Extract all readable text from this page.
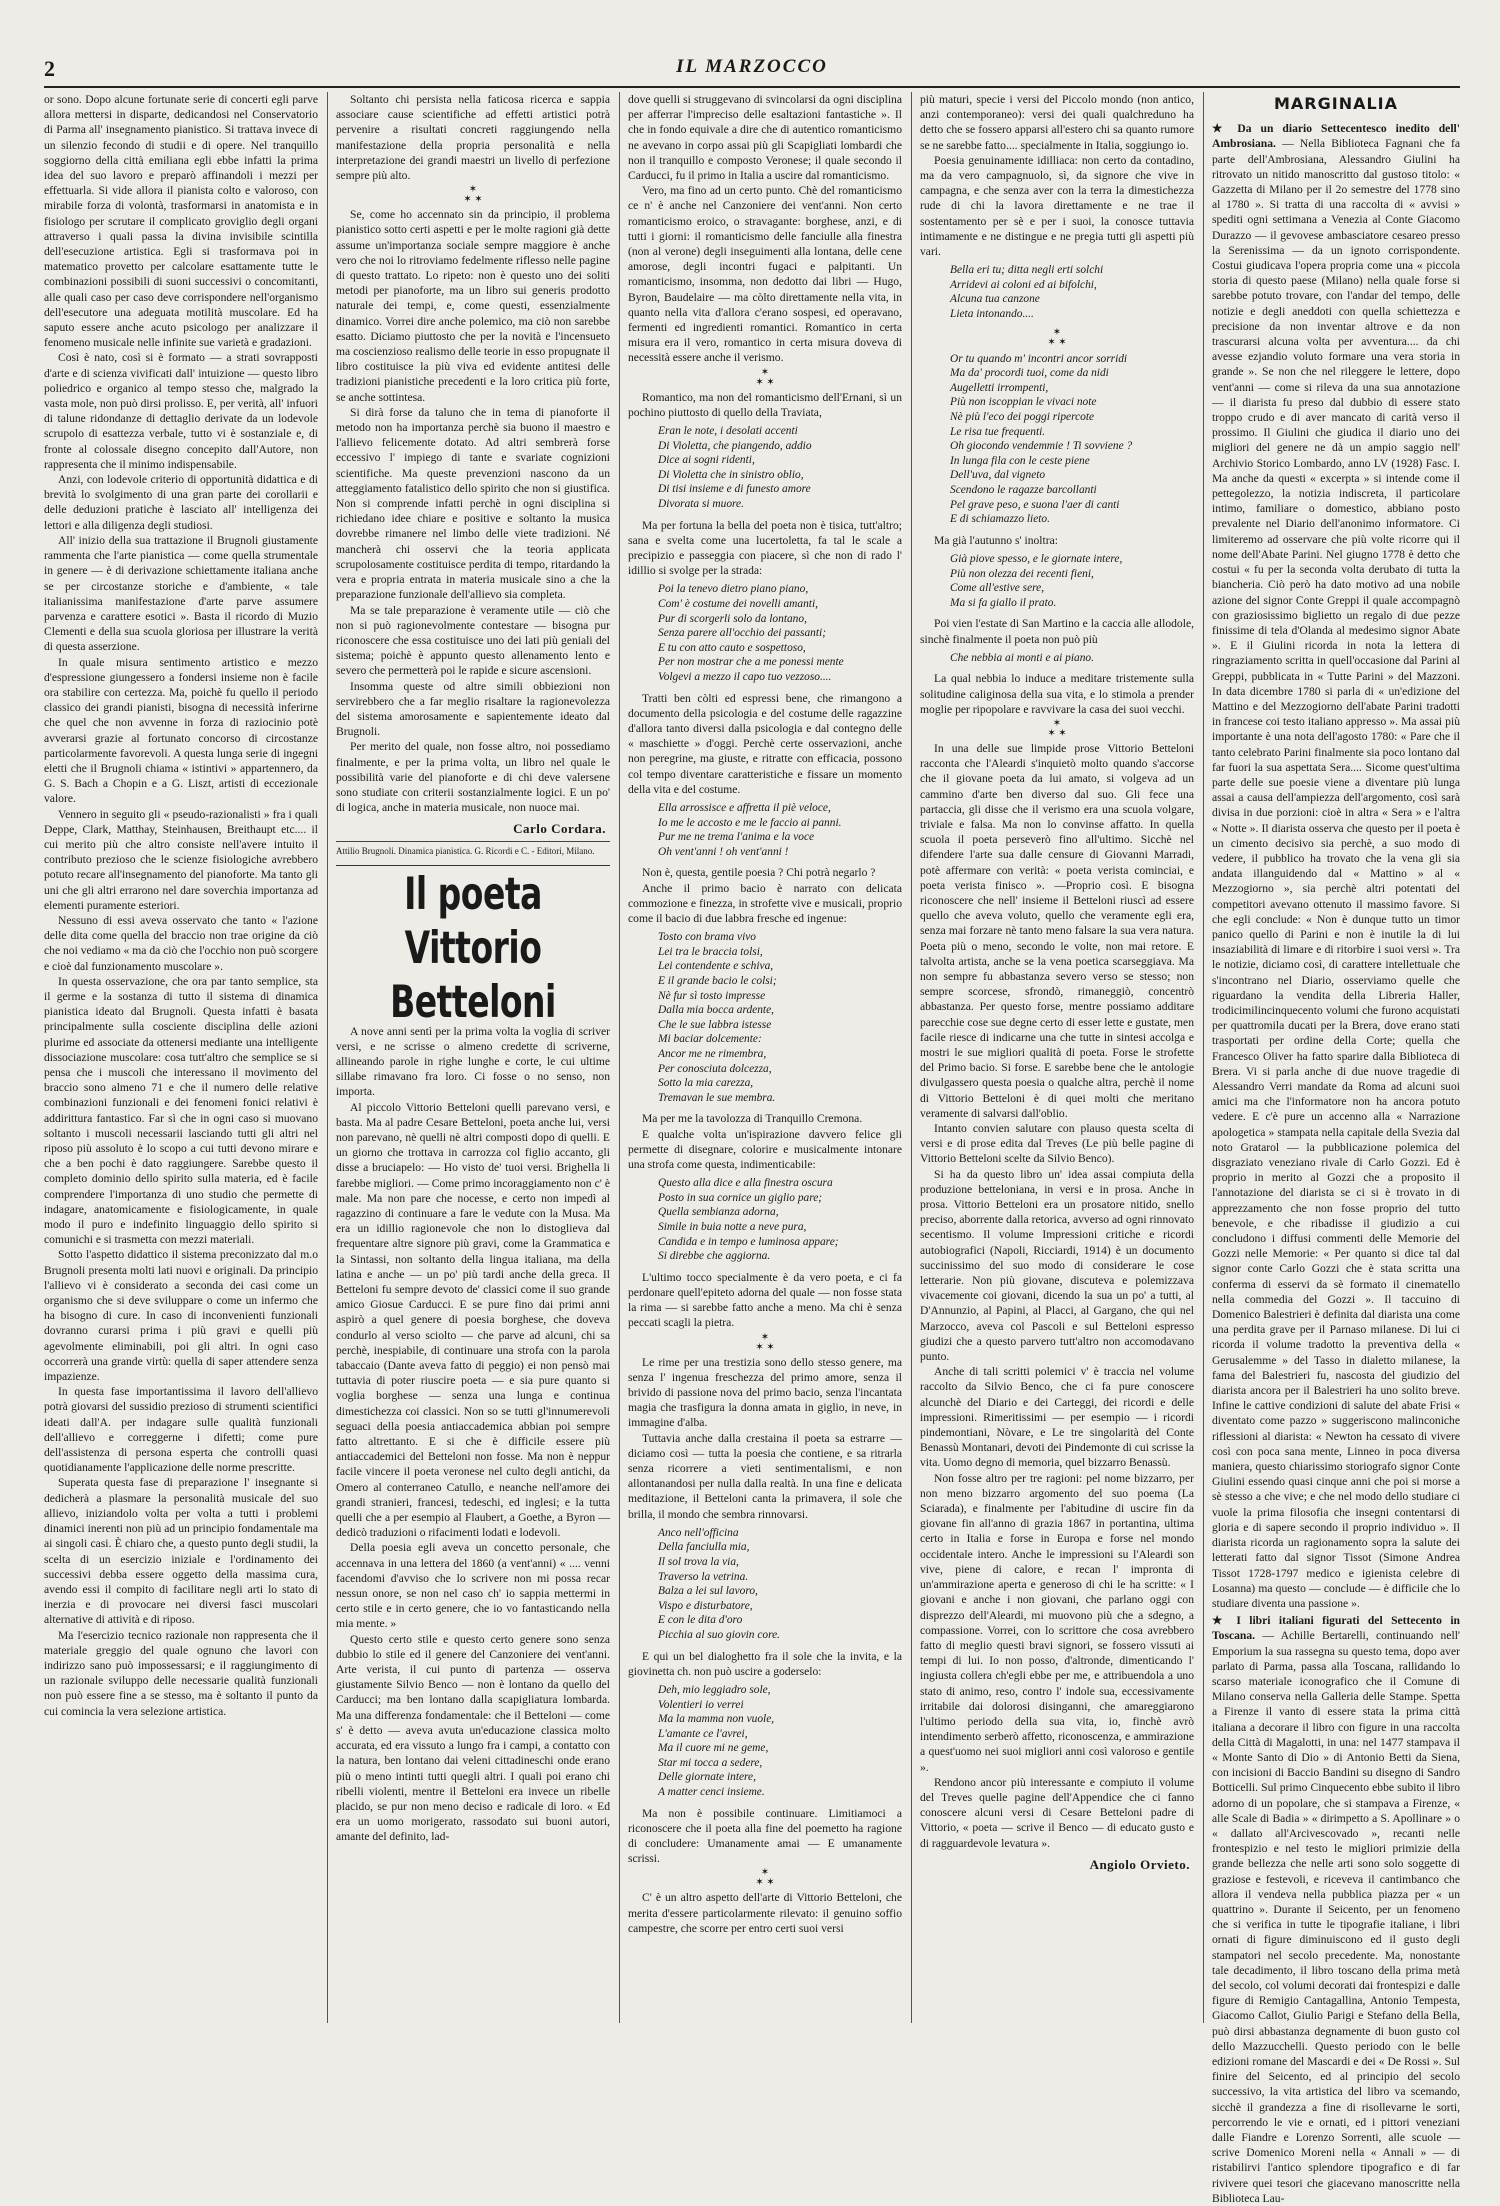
2	IL MARZOCCO

or sono. Dopo alcune fortunate serie di concerti egli parve allora mettersi in disparte, dedicandosi nel Conservatorio di Parma all' insegnamento pianistico. Si trattava invece di un silenzio fecondo di studii e di opere. Nel tranquillo soggiorno della città emiliana egli ebbe infatti la prima idea del suo lavoro e preparò affinandoli i mezzi per effettuarla. Si vide allora il pianista colto e valoroso, con mirabile forza di volontà, trasformarsi in anatomista e in fisiologo per scrutare il complicato groviglio degli organi attraverso i quali passa la divina invisibile scintilla dell'esecuzione artistica. Egli si trasformava poi in matematico provetto per calcolare esattamente tutte le combinazioni possibili di suoni successivi o concomitanti, alle quali caso per caso deve corrispondere nell'organismo dell'esecutore una adeguata motilità muscolare. Ed ha saputo essere anche acuto psicologo per analizzare il fenomeno musicale nelle infinite sue varietà e gradazioni.

Così è nato, così si è formato — a strati sovrapposti d'arte e di scienza vivificati dall' intuizione — questo libro poliedrico e organico al tempo stesso che, malgrado la vasta mole, non può dirsi prolisso. E, per verità, all' infuori di talune ridondanze di dettaglio derivate da un lodevole scrupolo di esattezza verbale, tutto vi è sostanziale e, di fronte al colossale disegno concepito dall'Autore, non rappresenta che il minimo indispensabile.

Anzi, con lodevole criterio di opportunità didattica e di brevità lo svolgimento di una gran parte dei corollarii e delle deduzioni pratiche è lasciato all' intelligenza dei lettori e alla diligenza degli studiosi.

All' inizio della sua trattazione il Brugnoli giustamente rammenta che l'arte pianistica — come quella strumentale in genere — è di derivazione schiettamente italiana anche se per circostanze storiche e d'ambiente, « tale italianissima manifestazione d'arte parve assumere parvenza e carattere esotici ». Basta il ricordo di Muzio Clementi e della sua scuola gloriosa per illustrare la verità di questa asserzione.

In quale misura sentimento artistico e mezzo d'espressione giungessero a fondersi insieme non è facile ora stabilire con certezza. Ma, poichè fu quello il periodo classico dei grandi pianisti, bisogna di necessità inferirne che quel che non avvenne in forza di raziocinio potè avverarsi grazie al fortunato concorso di circostanze particolarmente favorevoli. A questa lunga serie di ingegni eletti che il Brugnoli chiama « istintivi » appartennero, da G. S. Bach a Chopin e a G. Liszt, artisti di eccezionale valore.

Vennero in seguito gli « pseudo-razionalisti » fra i quali Deppe, Clark, Matthay, Steinhausen, Breithaupt etc.... il cui merito più che altro consiste nell'avere intuito il contributo prezioso che le scienze fisiologiche avrebbero potuto recare all'insegnamento del pianoforte. Ma tanto gli uni che gli altri errarono nel dare soverchia importanza ad elementi puramente esteriori.

Nessuno di essi aveva osservato che tanto « l'azione delle dita come quella del braccio non trae origine da ciò che noi vediamo « ma da ciò che l'occhio non può scorgere e cioè dal funzionamento muscolare ».

In questa osservazione, che ora par tanto semplice, sta il germe e la sostanza di tutto il sistema di dinamica pianistica ideato dal Brugnoli. Questa infatti è basata principalmente sulla cosciente disciplina delle azioni plurime ed associate da ottenersi mediante una intelligente dissociazione muscolare: cosa tutt'altro che semplice se si pensa che i muscoli che interessano il movimento del braccio sono almeno 71 e che il numero delle relative combinazioni funzionali e dei fenomeni fonici relativi è addirittura fantastico. Far sì che in ogni caso si muovano soltanto i muscoli necessarii lasciando tutti gli altri nel riposo più assoluto è lo scopo a cui tutti devono mirare e che a ben pochi è dato raggiungere. Sarebbe questo il completo dominio dello spirito sulla materia, ed è facile comprendere l'importanza di uno studio che permette di indagare, anatomicamente e fisiologicamente, in quale modo il puro e indefinito linguaggio dello spirito si comunichi e si trasmetta con mezzi materiali.

Sotto l'aspetto didattico il sistema preconizzato dal m.o Brugnoli presenta molti lati nuovi e originali. Da principio l'allievo vi è considerato a seconda dei casi come un organismo che si deve sviluppare o come un infermo che ha bisogno di cure. In caso di inconvenienti funzionali dovranno curarsi prima i più gravi e quelli più agevolmente eliminabili, poi gli altri. In ogni caso occorrerà una grande virtù: quella di saper attendere senza impazienze.

In questa fase importantissima il lavoro dell'allievo potrà giovarsi del sussidio prezioso di strumenti scientifici ideati dall'A. per indagare sulle qualità funzionali dell'allievo e correggerne i difetti; come pure dell'assistenza di persona esperta che controlli quasi quotidianamente l'applicazione delle norme prescritte.

Superata questa fase di preparazione l' insegnante si dedicherà a plasmare la personalità musicale del suo allievo, iniziandolo volta per volta a tutti i problemi dinamici inerenti non più ad un principio fondamentale ma ai singoli casi. È chiaro che, a questo punto degli studii, la scelta di un esercizio iniziale e l'ordinamento dei successivi debba essere oggetto della massima cura, avendo essi il compito di facilitare negli arti lo stato di inerzia e di provocare nei diversi fasci muscolari alternative di attività e di riposo.

Ma l'esercizio tecnico razionale non rappresenta che il materiale greggio del quale ognuno che lavori con indirizzo sano può impossessarsi; e il raggiungimento di un razionale sviluppo delle necessarie qualità funzionali non può essere fine a se stesso, ma è soltanto il punto da cui comincia la vera selezione artistica.

Soltanto chi persista nella faticosa ricerca e sappia associare cause scientifiche ad effetti artistici potrà pervenire a risultati concreti raggiungendo nella manifestazione della propria personalità e nella interpretazione dei grandi maestri un livello di perfezione sempre più alto.

✶
✶ ✶

Se, come ho accennato sin da principio, il problema pianistico sotto certi aspetti e per le molte ragioni già dette assume un'importanza sociale sempre maggiore è anche vero che noi lo ritroviamo fedelmente riflesso nelle pagine di questo trattato. Lo ripeto: non è questo uno dei soliti metodi per pianoforte, ma un libro sui generis prodotto naturale dei tempi, e, come questi, essenzialmente dinamico. Vorrei dire anche polemico, ma ciò non sarebbe esatto. Diciamo piuttosto che per la novità e l'incensueto ma coscienzioso realismo delle teorie in esso propugnate il libro costituisce la più viva ed evidente antitesi delle tradizioni pianistiche precedenti e la loro critica più forte, se anche sottintesa.

Si dirà forse da taluno che in tema di pianoforte il metodo non ha importanza perchè sia buono il maestro e l'allievo felicemente dotato. Ad altri sembrerà forse eccessivo l' impiego di tante e svariate cognizioni scientifiche. Ma queste prevenzioni nascono da un atteggiamento fatalistico dello spirito che non si giustifica. Non si comprende infatti perchè in ogni disciplina si richiedano idee chiare e positive e soltanto la musica dovrebbe rimanere nel limbo delle viete tradizioni. Né mancherà chi osservi che la teoria applicata scrupolosamente costituisce perdita di tempo, ritardando la vera e propria entrata in materia musicale sino a che la preparazione funzionale dell'allievo sia completa.

Ma se tale preparazione è veramente utile — ciò che non si può ragionevolmente contestare — bisogna pur riconoscere che essa costituisce uno dei lati più geniali del sistema; poichè è appunto questo allenamento lento e severo che permetterà poi le rapide e sicure ascensioni.

Insomma queste od altre simili obbiezioni non servirebbero che a far meglio risaltare la ragionevolezza del sistema amorosamente e sapientemente ideato dal Brugnoli.

Per merito del quale, non fosse altro, noi possediamo finalmente, e per la prima volta, un libro nel quale le possibilità varie del pianoforte e di chi deve valersene sono studiate con criterii sostanzialmente logici. E un po' di logica, anche in materia musicale, non nuoce mai.

Carlo Cordara.
Attilio Brugnoli. Dinamica pianistica. G. Ricordi e C. - Editori, Milano.
Il poeta Vittorio Betteloni

A nove anni sentì per la prima volta la voglia di scriver versi, e ne scrisse o almeno credette di scriverne, allineando parole in righe lunghe e corte, le cui ultime sillabe rimavano fra loro. Ci fosse o no senso, non importa.

Al piccolo Vittorio Betteloni quelli parevano versi, e basta. Ma al padre Cesare Betteloni, poeta anche lui, versi non parevano, nè quelli nè altri composti dopo di quelli. E un giorno che trottava in carrozza col figlio accanto, gli disse a bruciapelo: — Ho visto de' tuoi versi. Brighella li farebbe migliori. — Come primo incoraggiamento non c' è male. Ma non pare che nocesse, e certo non impedì al ragazzino di continuare a fare le vedute con la Musa. Ma era un idillio ragionevole che non lo distoglieva dal frequentare altre signore più gravi, come la Grammatica e la Sintassi, non soltanto della lingua italiana, ma della latina e anche — un po' più tardi anche della greca. Il Betteloni fu sempre devoto de' classici come il suo grande amico Giosue Carducci. E se pure fino dai primi anni aspirò a quel genere di poesia borghese, che doveva condurlo al verso sciolto — che parve ad alcuni, chi sa perchè, inespiabile, di continuare una strofa con la parola tabaccaio (Dante aveva fatto di peggio) ei non pensò mai tuttavia di poter riuscire poeta — e sia pure quanto si voglia borghese — senza una lunga e continua dimestichezza coi classici. Non so se tutti gl'innumerevoli seguaci della poesia antiaccademica abbian poi sempre fatto altrettanto. E si che è difficile essere più antiaccademici del Betteloni non fosse. Ma non è neppur facile vincere il poeta veronese nel culto degli antichi, da Omero al conterraneo Catullo, e neanche nell'amore dei grandi stranieri, francesi, tedeschi, ed inglesi; e la tutta quelli che a per esempio al Flaubert, a Goethe, a Byron — dedicò traduzioni o rifacimenti lodati e lodevoli.

Della poesia egli aveva un concetto personale, che accennava in una lettera del 1860 (a vent'anni) « .... venni facendomi d'avviso che lo scrivere non mi possa recar nessun onore, se non nel caso ch' io sappia mettermi in certo stile e in certo genere, che io vo fantasticando nella mia mente. »

Questo certo stile e questo certo genere sono senza dubbio lo stile ed il genere del Canzoniere dei vent'anni. Arte verista, il cui punto di partenza — osserva giustamente Silvio Benco — non è lontano da quello del Carducci; ma ben lontano dalla scapigliatura lombarda. Ma una differenza fondamentale: che il Betteloni — come s' è detto — aveva avuta un'educazione classica molto accurata, ed era vissuto a lungo fra i campi, a contatto con la natura, ben lontano dai veleni cittadineschi onde erano più o meno intinti tutti quegli altri. I quali poi erano chi ribelli violenti, mentre il Betteloni era invece un ribelle placido, se pur non meno deciso e radicale di loro. « Ed era un uomo morigerato, rassodato sui buoni autori, amante del definito, lad-

dove quelli si struggevano di svincolarsi da ogni disciplina per afferrar l'impreciso delle esaltazioni fantastiche ». Il che in fondo equivale a dire che di autentico romanticismo ne avevano in corpo assai più gli Scapigliati lombardi che non il tranquillo e composto Veronese; il quale secondo il Carducci, fu il primo in Italia a uscire dal romanticismo.

Vero, ma fino ad un certo punto. Chè del romanticismo ce n' è anche nel Canzoniere dei vent'anni. Non certo romanticismo eroico, o stravagante: borghese, anzi, e di tutti i giorni: il romanticismo delle fanciulle alla finestra (non al verone) degli inseguimenti alla lontana, delle cene amorose, degli incontri fugaci e palpitanti. Un romanticismo, insomma, non dedotto dai libri — Hugo, Byron, Baudelaire — ma còlto direttamente nella vita, in quanto nella vita d'allora c'erano sospesi, ed operavano, fermenti ed ingredienti romantici. Romantico in certa misura era il vero, romantico in certa misura doveva di necessità essere anche il verismo.

✶
✶ ✶

Romantico, ma non del romanticismo dell'Ernani, sì un pochino piuttosto di quello della Traviata,

Eran le note, i desolati accenti
Di Violetta, che piangendo, addio
Dice ai sogni ridenti,
Di Violetta che in sinistro oblio,
Di tisi insieme e di funesto amore
Divorata si muore.

Ma per fortuna la bella del poeta non è tisica, tutt'altro; sana e svelta come una lucertoletta, fa tal le scale a precipizio e passeggia con piacere, sì che non di rado l' idillio si svolge per la strada:

Poi la tenevo dietro piano piano,
Com' è costume dei novelli amanti,
Pur di scorgerli solo da lontano,
Senza parere all'occhio dei passanti;
E tu con atto cauto e sospettoso,
Per non mostrar che a me ponessi mente
Volgevi a mezzo il capo tuo vezzoso....

Tratti ben còlti ed espressi bene, che rimangono a documento della psicologia e del costume delle ragazzine d'allora tanto diversi dalla psicologia e dal contegno delle « maschiette » d'oggi. Perchè certe osservazioni, anche non peregrine, ma giuste, e ritratte con efficacia, possono col tempo diventare caratteristiche e fissare un momento della vita e del costume.

Ella arrossisce e affretta il piè veloce,
Io me le accosto e me le faccio ai panni.
Pur me ne trema l'anima e la voce
Oh vent'anni ! oh vent'anni !

Non è, questa, gentile poesia ? Chi potrà negarlo ?

Anche il primo bacio è narrato con delicata commozione e finezza, in strofette vive e musicali, proprio come il bacio di due labbra fresche ed ingenue:

Tosto con brama vivo
Lei tra le braccia tolsi,
Lei contendente e schiva,
E il grande bacio le colsi;
Nè fur sì tosto impresse
Dalla mia bocca ardente,
Che le sue labbra istesse
Mi baciar dolcemente:
Ancor me ne rimembra,
Per conosciuta dolcezza,
Sotto la mia carezza,
Tremavan le sue membra.

Ma per me la tavolozza di Tranquillo Cremona.

E qualche volta un'ispirazione davvero felice gli permette di disegnare, colorire e musicalmente intonare una strofa come questa, indimenticabile:

Questo alla dice e alla finestra oscura
Posto in sua cornice un giglio pare;
Quella sembianza adorna,
Simile in buia notte a neve pura,
Candida e in tempo e luminosa appare;
Si direbbe che aggiorna.

L'ultimo tocco specialmente è da vero poeta, e ci fa perdonare quell'epiteto adorna del quale — non fosse stata la rima — si sarebbe fatto anche a meno. Ma chi è senza peccati scagli la pietra.

✶
✶ ✶

Le rime per una trestizia sono dello stesso genere, ma senza l' ingenua freschezza del primo amore, senza il brivido di passione nova del primo bacio, senza l'incantata magia che trasfigura la donna amata in giglio, in neve, in immagine d'alba.

Tuttavia anche dalla crestaina il poeta sa estrarre — diciamo così — tutta la poesia che contiene, e sa ritrarla senza ricorrere a vieti sentimentalismi, e non allontanandosi per nulla dalla realtà. In una fine e delicata meditazione, il Betteloni canta la primavera, il sole che brilla, il mondo che sembra rinnovarsi.

Anco nell'officina
Della fanciulla mia,
Il sol trova la via,
Traverso la vetrina.
Balza a lei sul lavoro,
Vispo e disturbatore,
E con le dita d'oro
Picchia al suo giovin core.

E qui un bel dialoghetto fra il sole che la invita, e la giovinetta ch. non può uscire a goderselo:

Deh, mio leggiadro sole,
Volentieri io verrei
Ma la mamma non vuole,
L'amante ce l'avrei,
Ma il cuore mi ne geme,
Star mi tocca a sedere,
Delle giornate intere,
A matter cenci insieme.

Ma non è possibile continuare. Limitiamoci a riconoscere che il poeta alla fine del poemetto ha ragione di concludere: Umanamente amai — E umanamente scrissi.

✶
✶ ✶

C' è un altro aspetto dell'arte di Vittorio Betteloni, che merita d'essere particolarmente rilevato: il genuino soffio campestre, che scorre per entro certi suoi versi

più maturi, specie i versi del Piccolo mondo (non antico, anzi contemporaneo): versi dei quali qualchreduno ha detto che se fossero apparsi all'estero chi sa quanto rumore se ne sarebbe fatto.... specialmente in Italia, soggiungo io.

Poesia genuinamente idilliaca: non certo da contadino, ma da vero campagnuolo, sì, da signore che vive in campagna, e che senza aver con la terra la dimestichezza rude di chi la lavora direttamente e ne trae il sostentamento per sè e per i suoi, la conosce tuttavia intimamente e ne distingue e ne pregia tutti gli aspetti più vari.

Bella eri tu; ditta negli erti solchi
Arridevi ai coloni ed ai bifolchi,
Alcuna tua canzone
Lieta intonando....
✶
✶ ✶
Or tu quando m' incontri ancor sorridi
Ma da' procordi tuoi, come da nidi
Augelletti irrompenti,
Più non iscoppian le vivaci note
Nè più l'eco dei poggi ripercote
Le risa tue frequenti.
Oh giocondo vendemmie ! Ti sovviene ?
In lunga fila con le ceste piene
Dell'uva, dal vigneto
Scendono le ragazze barcollanti
Pel grave peso, e suona l'aer di canti
E di schiamazzo lieto.

Ma già l'autunno s' inoltra:

Già piove spesso, e le giornate intere,
Più non olezza dei recenti fieni,
Come all'estive sere,
Ma si fa giallo il prato.

Poi vien l'estate di San Martino e la caccia alle allodole, sinchè finalmente il poeta non può più

Che nebbia ai monti e ai piano.

La qual nebbia lo induce a meditare tristemente sulla solitudine caliginosa della sua vita, e lo stimola a prender moglie per ripopolare e ravvivare la casa dei suoi vecchi.

✶
✶ ✶

In una delle sue limpide prose Vittorio Betteloni racconta che l'Aleardi s'inquietò molto quando s'accorse che il giovane poeta da lui amato, si volgeva ad un cammino d'arte ben diverso dal suo. Gli fece una partaccia, gli disse che il verismo era una scuola volgare, triviale e falsa. Ma non lo convinse affatto. In quella scuola il poeta perseverò fino all'ultimo. Sicchè nel difendere l'arte sua dalle censure di Giovanni Marradi, potè affermare con verità: « poeta verista cominciai, e poeta verista finisco ». —Proprio così. E bisogna riconoscere che nell' insieme il Betteloni riuscì ad essere quello che aveva voluto, quello che veramente egli era, senza mai forzare nè tanto meno falsare la sua vera natura. Poeta più o meno, secondo le volte, non mai retore. E talvolta artista, anche se la vena poetica scarseggiava. Ma non sempre fu abbastanza severo verso se stesso; non sempre scorcese, sfrondò, rimaneggiò, concentrò abbastanza. Per questo forse, mentre possiamo additare parecchie cose sue degne certo di esser lette e gustate, men facile riesce di indicarne una che tutte in sintesi accolga e mostri le sue migliori qualità di poeta. Forse le strofette del Primo bacio. Si forse. E sarebbe bene che le antologie divulgassero questa poesia o qualche altra, perchè il nome di Vittorio Betteloni è di quei molti che meritano veramente di salvarsi dall'oblio.

Intanto convien salutare con plauso questa scelta di versi e di prose edita dal Treves (Le più belle pagine di Vittorio Betteloni scelte da Silvio Benco).

Si ha da questo libro un' idea assai compiuta della produzione betteloniana, in versi e in prosa. Anche in prosa. Vittorio Betteloni era un prosatore nitido, snello preciso, aborrente dalla retorica, avverso ad ogni rinnovato secentismo. Il volume Impressioni critiche e ricordi autobiografici (Napoli, Ricciardi, 1914) è un documento succinissimo del suo modo di considerare le cose letterarie. Non più giovane, discuteva e polemizzava vivacemente coi giovani, dicendo la sua un po' a tutti, al D'Annunzio, al Papini, al Placci, al Gargano, che qui nel Marzocco, aveva col Pascoli e sul Betteloni espresso giudizi che a questo parvero tutt'altro non accomodavano punto.

Anche di tali scritti polemici v' è traccia nel volume raccolto da Silvio Benco, che ci fa pure conoscere alcunchè del Diario e dei Carteggi, dei ricordi e delle impressioni. Rimeritissimi — per esempio — i ricordi pindemontiani, Nòvare, e Le tre singolarità del Conte Benassù Montanari, devoti dei Pindemonte di cui scrisse la vita. Uomo degno di memoria, quel bizzarro Benassù.

Non fosse altro per tre ragioni: pel nome bizzarro, per non meno bizzarro argomento del suo poema (La Sciarada), e finalmente per l'abitudine di uscire fin da giovane fin all'anno di grazia 1867 in portantina, ultima certo in Italia e forse in Europa e forse nel mondo occidentale intero. Anche le impressioni su l'Aleardi son vive, piene di calore, e recan l' impronta di un'ammirazione aperta e generoso di chi le ha scritte: « I giovani e anche i non giovani, che parlano oggi con disprezzo dell'Aleardi, mi muovono più che a sdegno, a compassione. Vorrei, con lo scrittore che cosa avrebbero fatto di meglio questi bravi signori, se fossero vissuti ai tempi di lui. Io non posso, d'altronde, dimenticando l' ingiusta collera ch'egli ebbe per me, e attribuendola a uno stato di animo, reso, contro l' indole sua, eccessivamente irritabile dai dolorosi disinganni, che amareggiarono l'ultimo periodo della sua vita, io, finchè avrò intendimento serberò affetto, riconoscenza, e ammirazione a quest'uomo nei suoi migliori anni così valoroso e gentile ».

Rendono ancor più interessante e compiuto il volume del Treves quelle pagine dell'Appendice che ci fanno conoscere alcuni versi di Cesare Betteloni padre di Vittorio, « poeta — scrive il Benco — di educato gusto e di ragguardevole levatura ».

Angiolo Orvieto.
MARGINALIA

★ Da un diario Settecentesco inedito dell' Ambrosiana. — Nella Biblioteca Fagnani che fa parte dell'Ambrosiana, Alessandro Giulini ha ritrovato un nitido manoscritto dal gustoso titolo: « Gazzetta di Milano per il 2o semestre del 1778 sino al 1780 ». Si tratta di una raccolta di « avvisi » spediti ogni settimana a Venezia al Conte Giacomo Durazzo — il gevovese ambasciatore cesareo presso la Serenissima — da un ignoto corrispondente. Costui giudicava l'opera propria come una « piccola storia di questo paese (Milano) nella quale forse si sarebbe potuto trovare, con l'andar del tempo, delle notizie e degli aneddoti con quella schiettezza e precisione da non inventar altrove e da non trascurarsi alcuna volta per avventura.... da chi avesse ezjandio voluto formare una vera storia in grande ». Se non che nel rileggere le lettere, dopo vent'anni — come si rileva da una sua annotazione — il diarista fu preso dal dubbio di essere stato troppo crudo e di aver mancato di carità verso il prossimo. Il Giulini che giudica il diario uno dei migliori del genere ne dà un ampio saggio nell' Archivio Storico Lombardo, anno LV (1928) Fasc. I. Ma anche da questi « excerpta » si intende come il pettegolezzo, la notizia indiscreta, il particolare intimo, familiare o domestico, abbiano posto prevalente nel Diario dell'anonimo informatore. Ci limiteremo ad osservare che più volte ricorre qui il nome dell'Abate Parini. Nel giugno 1778 è detto che costui « fu per la seconda volta derubato di tutta la biancheria. Ciò però ha dato motivo ad una nobile azione del signor Conte Greppi il quale accompagnò con graziosissimo biglietto un regalo di due pezze finissime di tela d'Olanda al medesimo signor Abate ». E il Giulini ricorda in nota la lettera di ringraziamento scritta in quell'occasione dal Parini al Greppi, pubblicata in « Tutte Parini » del Mazzoni. In data dicembre 1780 si parla di « un'edizione del Mattino e del Mezzogiorno dell'abate Parini tradotti in francese coi testo italiano appresso ». Ma assai più importante è una nota dell'agosto 1780: « Pare che il tanto celebrato Parini finalmente sia poco lontano dal far fuori la sua aspettata Sera.... Sicome quest'ultima parte delle sue poesie viene a diventare più lunga assai a causa dell'ampiezza dell'argomento, così sarà divisa in due porzioni: cioè in altra « Sera » e l'altra « Notte ». Il diarista osserva che questo per il poeta è un cimento decisivo sia perchè, a suo modo di vedere, il pubblico ha trovato che la vena gli sia andata illanguidendo dal « Mattino » al « Mezzogiorno », sia perchè altri potentati del competitori avevano ottenuto il massimo favore. Si che egli conclude: « Non è dunque tutto un timor panico quello di Parini e non è inutile la di lui insaziabilità di limare e di ritorbire i suoi versi ». Tra le notizie, diciamo così, di carattere intellettuale che s'incontrano nel Diario, osserviamo quelle che riguardano la vendita della Libreria Haller, trodicimilincinquecento volumi che furono acquistati per quattromila ducati per la Brera, dove erano stati trasportati per ordine della Corte; quella che Francesco Oliver ha fatto sparire dalla Biblioteca di Brera. Vi si parla anche di due nuove tragedie di Alessandro Verri mandate da Roma ad alcuni suoi amici ma che l'informatore non ha ancora potuto vedere. E c'è pure un accenno alla « Narrazione apologetica » stampata nella capitale della Svezia dal noto Gratarol — la pubblicazione polemica del disgraziato veneziano rivale di Carlo Gozzi. Ed è proprio in merito al Gozzi che a proposito il l'annotazione del diarista se ci si è trovato in di apprezzamento che non fosse proprio del tutto benevole, e che ribadisse il giudizio a cui concludono i diffusi commenti delle Memorie del Gozzi nelle Memorie: « Per quanto si dice tal dal signor conte Carlo Gozzi che è stata scritta una conferma di esservi da sè formato il cinematello nella commedia del Gozzi ». Il taccuino di Domenico Balestrieri è definita dal diarista una come una perdita grave per il Parnaso milanese. Di lui ci ricorda il volume tradotto la preventiva della « Gerusalemme » del Tasso in dialetto milanese, la fama del Balestrieri fu, nascosta del giudizio del diarista ancora per il Balestrieri ha uno solito breve. Infine le cattive condizioni di salute del abate Frisi « diventato come pazzo » suggeriscono malinconiche riflessioni al diarista: « Newton ha cessato di vivere così con poca sana mente, Linneo in poca diversa maniera, questo chiarissimo storiografo signor Conte Giulini essendo quasi cinque anni che poi si morse a sè stesso a che vive; e che nel modo dello studiare ci vuole la prima filosofia che insegni contentarsi di gloria e di sapere secondo il proprio individuo ». Il diarista ricorda un ragionamento sopra la salute dei letterati fatto dal signor Tissot (Simone Andrea Tissot 1728-1797 medico e igienista celebre di Losanna) ma questo — conclude — è difficile che lo studiare diventa una passione ».

★ I libri italiani figurati del Settecento in Toscana. — Achille Bertarelli, continuando nell' Emporium la sua rassegna su questo tema, dopo aver parlato di Parma, passa alla Toscana, rallidando lo scarso materiale iconografico che il Comune di Milano conserva nella Galleria delle Stampe. Spetta a Firenze il vanto di essere stata la prima città italiana a decorare il libro con figure in una raccolta della Città di Magalotti, in una: nel 1477 stampava il « Monte Santo di Dio » di Antonio Betti da Siena, con incisioni di Baccio Bandini su disegno di Sandro Botticelli. Sul primo Cinquecento ebbe subito il libro adorno di un popolare, che si stampava a Firenze, « alle Scale di Badia » « dirimpetto a S. Apollinare » o « dallato all'Arcivescovado », recanti nelle frontespizio e nel testo le migliori primizie della grande bellezza che nelle arti sono solo soggette di graziose e festevoli, e riceveva il cantimbanco che allora il vendeva nella pubblica piazza per « un quattrino ». Durante il Seicento, per un fenomeno che si verifica in tutte le tipografie italiane, i libri ornati di figure diminuiscono ed il gusto degli stampatori nel secolo precedente. Ma, nonostante tale decadimento, il libro toscano della prima metà del secolo, col volumi decorati dai frontespizi e dalle figure di Remigio Cantagallina, Antonio Tempesta, Giacomo Callot, Giulio Parigi e Stefano della Bella, può dirsi abbastanza degnamente di buon gusto col dello Mazzucchelli. Questo periodo con le belle edizioni romane del Mascardi e dei « De Rossi ». Sul finire del Seicento, ed al principio del secolo successivo, la vita artistica del libro va scemando, sicchè il grandezza a fine di risollevarne le sorti, percorrendo le vie e ornati, ed i pittori veneziani dalle Fiandre e Lorenzo Sorrenti, alle scuole — scrive Domenico Moreni nella « Annali » — di ristabilirvi l'antico splendore tipografico e di far rivivere quei tesori che giacevano manoscritte nella Biblioteca Lau-
